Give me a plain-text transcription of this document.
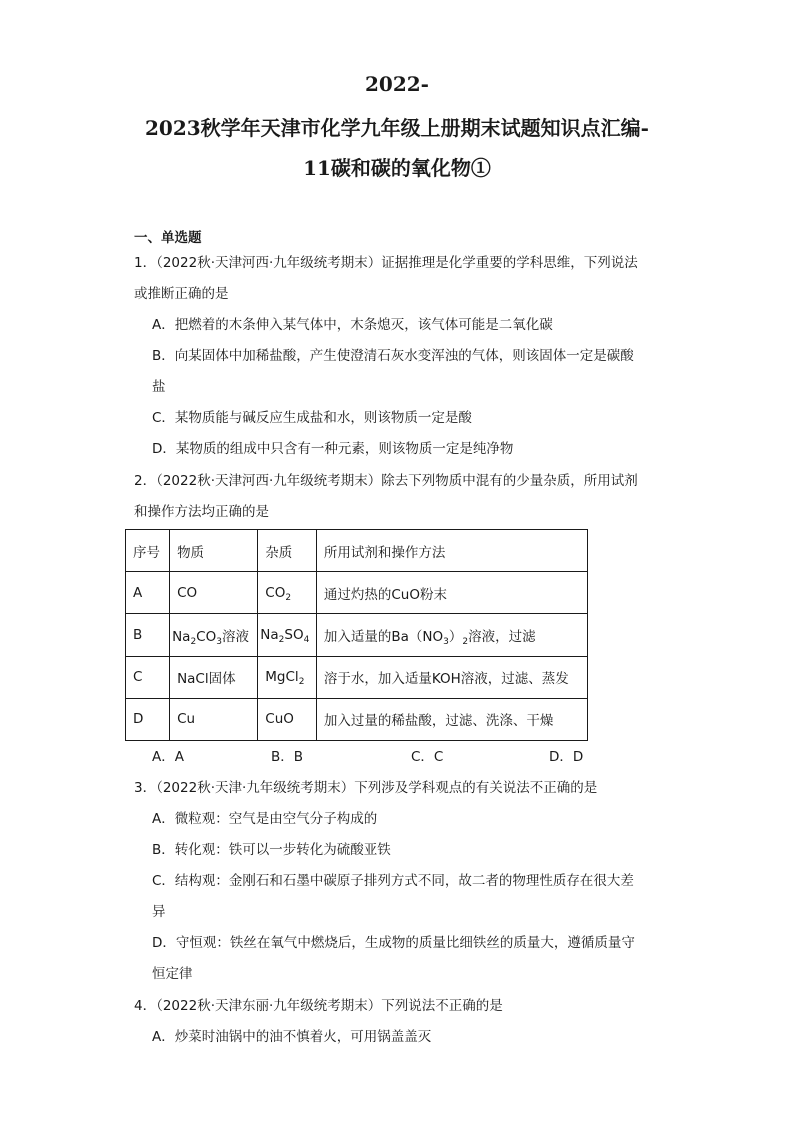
2022-
2023秋学年天津市化学九年级上册期末试题知识点汇编-
11碳和碳的氧化物①
一、单选题
1．（2022秋·天津河西·九年级统考期末）证据推理是化学重要的学科思维，下列说法
或推断正确的是
A．把燃着的木条伸入某气体中，木条熄灭，该气体可能是二氧化碳
B．向某固体中加稀盐酸，产生使澄清石灰水变浑浊的气体，则该固体一定是碳酸
盐
C．某物质能与碱反应生成盐和水，则该物质一定是酸
D．某物质的组成中只含有一种元素，则该物质一定是纯净物
2．（2022秋·天津河西·九年级统考期末）除去下列物质中混有的少量杂质，所用试剂
和操作方法均正确的是
序号	物质	杂质	所用试剂和操作方法
A	CO	$CO_2$	通过灼热的CuO粉末
B	$Na_2CO_3$溶液	$Na_2SO_4$	加入适量的$Ba(NO_3)_2$溶液，过滤
C	NaCl固体	MgCl$_2$	溶于水，加入适量KOH溶液，过滤、蒸发
D	Cu	CuO	加入过量的稀盐酸，过滤、洗涤、干燥
A．A	B．B	C．C	D．D
3．（2022秋·天津·九年级统考期末）下列涉及学科观点的有关说法不正确的是
A．微粒观：空气是由空气分子构成的
B．转化观：铁可以一步转化为硫酸亚铁
C．结构观：金刚石和石墨中碳原子排列方式不同，故二者的物理性质存在很大差
异
D．守恒观：铁丝在氧气中燃烧后，生成物的质量比细铁丝的质量大，遵循质量守
恒定律
4．（2022秋·天津东丽·九年级统考期末）下列说法不正确的是
A．炒菜时油锅中的油不慎着火，可用锅盖盖灭
